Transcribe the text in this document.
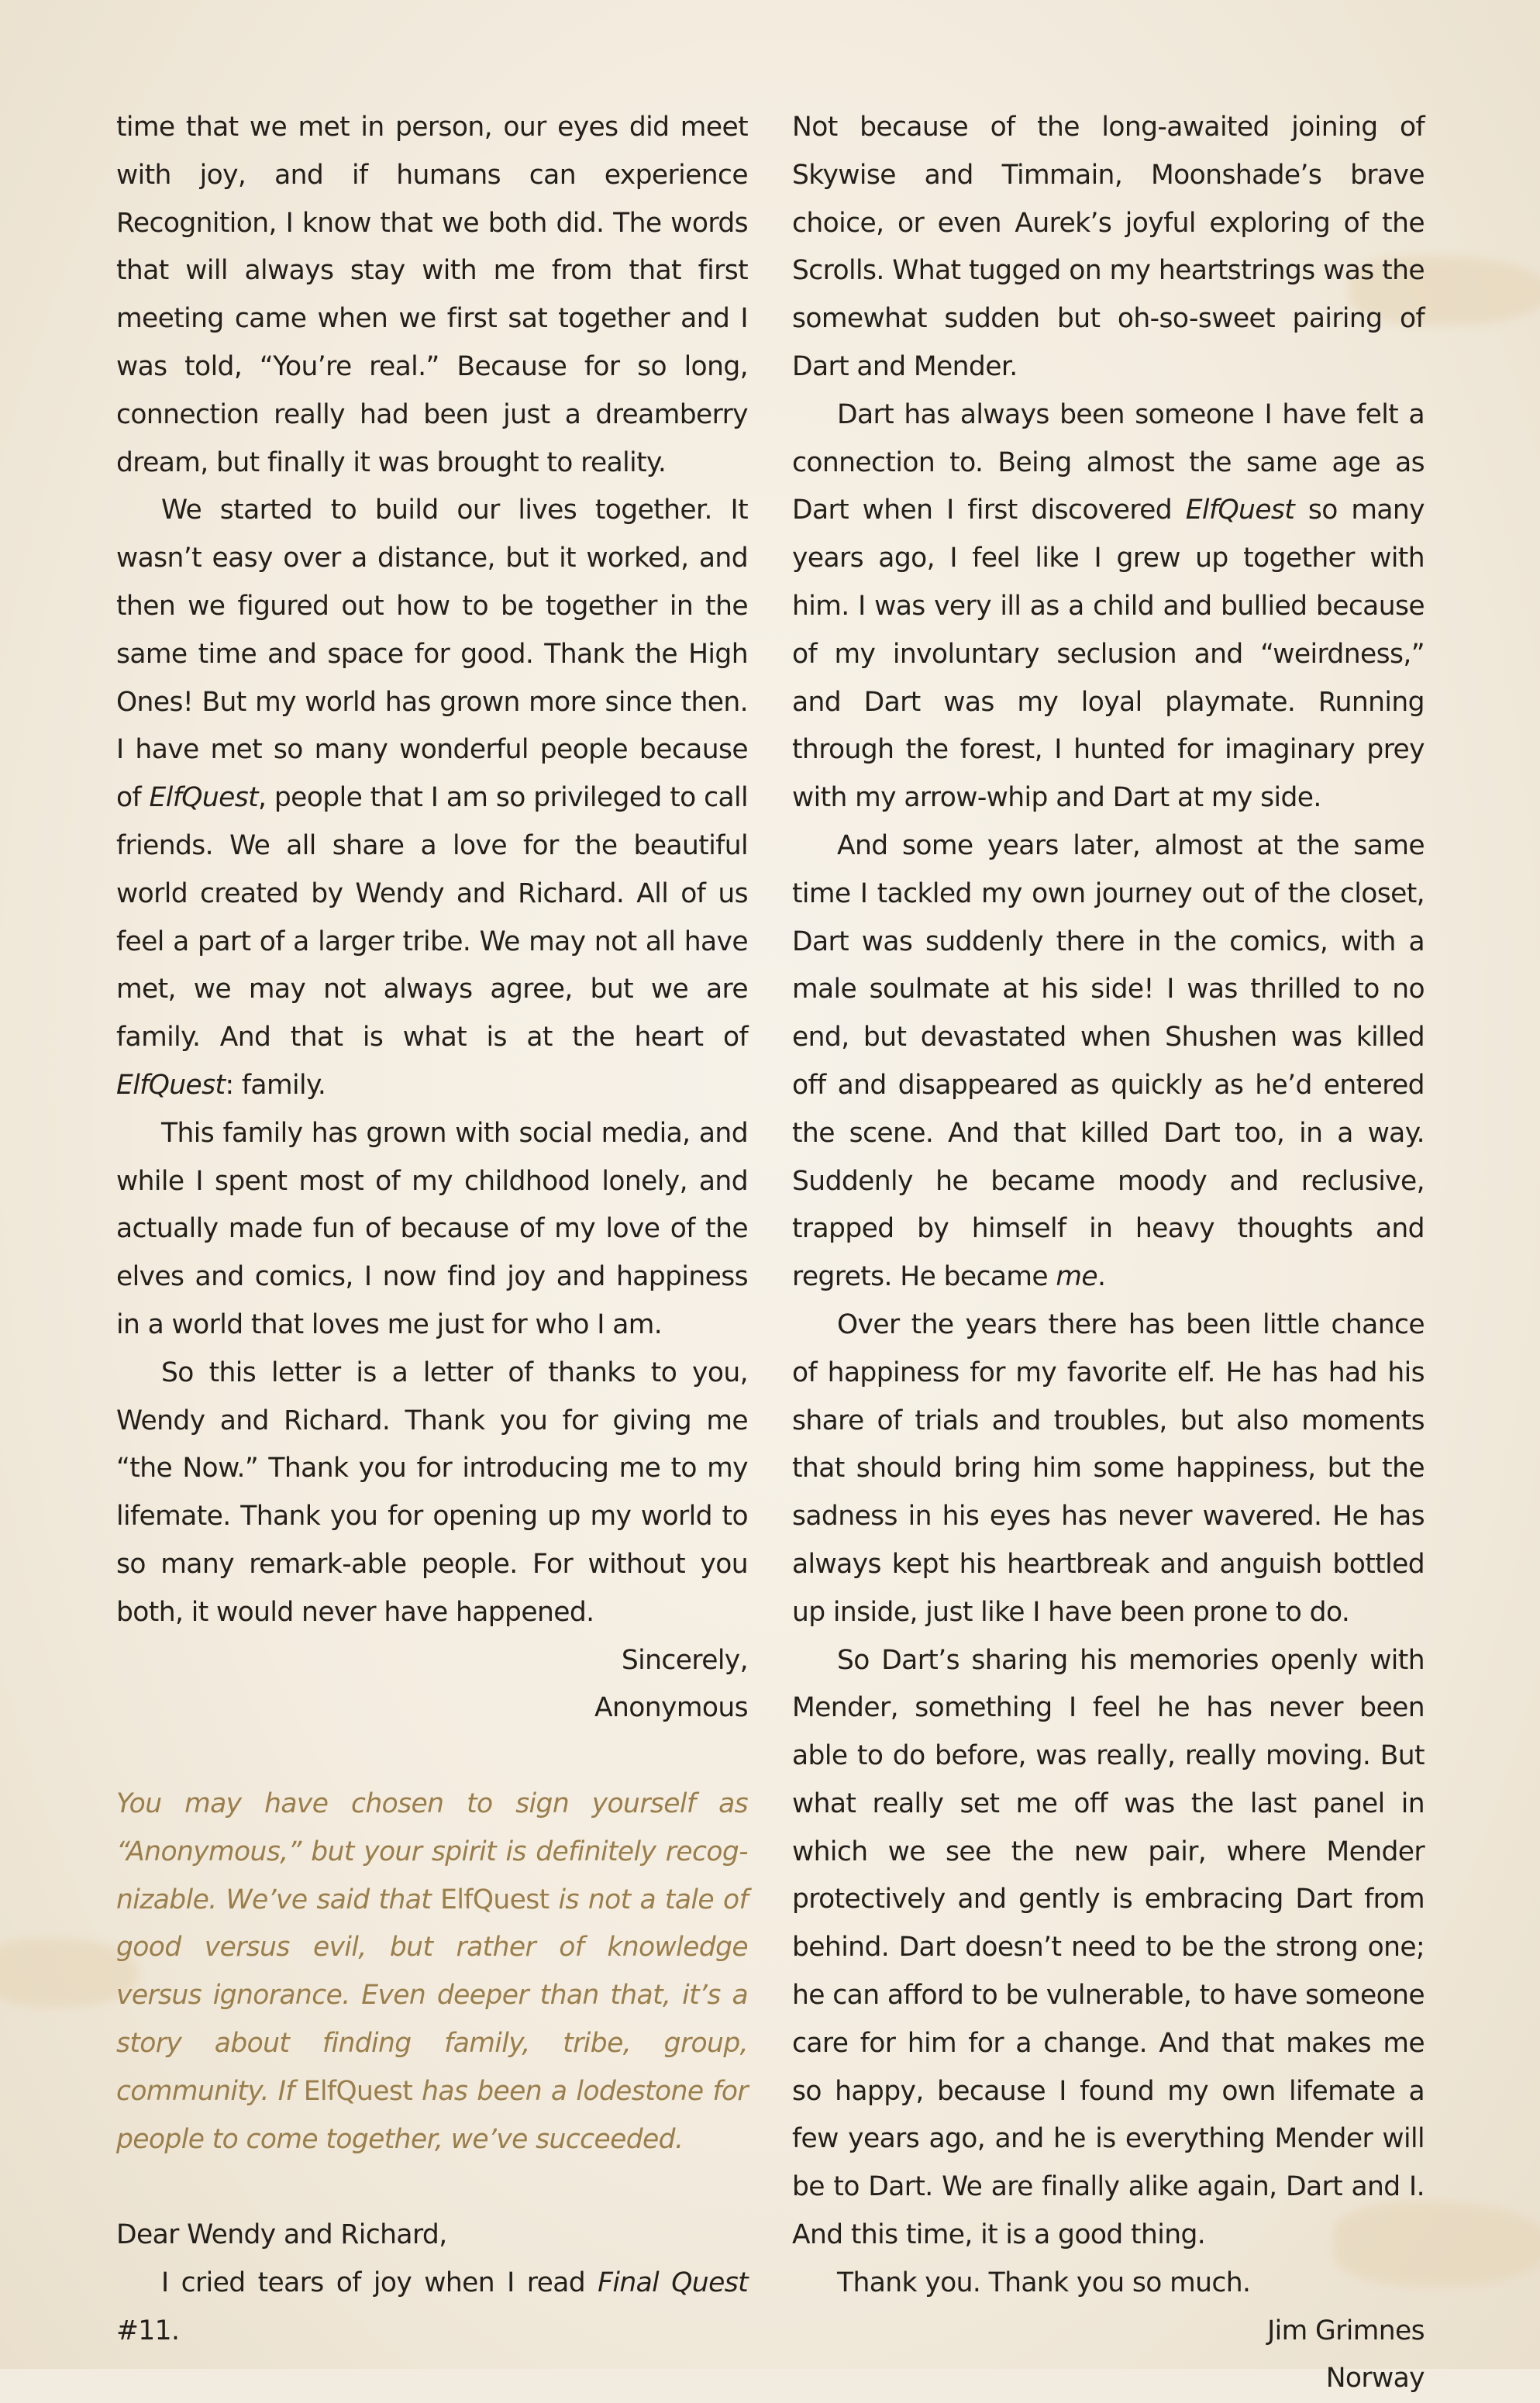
time that we met in person, our eyes did meet with joy, and if humans can experience Recognition, I know that we both did. The words that will always stay with me from that first meeting came when we first sat together and I was told, “You’re real.” Because for so long, connection really had been just a dreamberry dream, but finally it was brought to reality.

We started to build our lives together. It wasn’t easy over a distance, but it worked, and then we figured out how to be together in the same time and space for good. Thank the High Ones! But my world has grown more since then. I have met so many wonderful people because of ElfQuest, people that I am so privileged to call friends. We all share a love for the beautiful world created by Wendy and Richard. All of us feel a part of a larger tribe. We may not all have met, we may not always agree, but we are family. And that is what is at the heart of ElfQuest: family.

This family has grown with social media, and while I spent most of my childhood lonely, and actually made fun of because of my love of the elves and comics, I now find joy and happiness in a world that loves me just for who I am.

So this letter is a letter of thanks to you, Wendy and Richard. Thank you for giving me “the Now.” Thank you for introducing me to my lifemate. Thank you for opening up my world to so many remark-able people. For without you both, it would never have happened.

Sincerely,

Anonymous

You may have chosen to sign yourself as “Anonymous,” but your spirit is definitely recog-nizable. We’ve said that ElfQuest is not a tale of good versus evil, but rather of knowledge versus ignorance. Even deeper than that, it’s a story about finding family, tribe, group, community. If ElfQuest has been a lodestone for people to come together, we’ve succeeded.

Dear Wendy and Richard,

I cried tears of joy when I read Final Quest #11.

Not because of the long-awaited joining of Skywise and Timmain, Moonshade’s brave choice, or even Aurek’s joyful exploring of the Scrolls. What tugged on my heartstrings was the somewhat sudden but oh-so-sweet pairing of Dart and Mender.

Dart has always been someone I have felt a connection to. Being almost the same age as Dart when I first discovered ElfQuest so many years ago, I feel like I grew up together with him. I was very ill as a child and bullied because of my involuntary seclusion and “weirdness,” and Dart was my loyal playmate. Running through the forest, I hunted for imaginary prey with my arrow-whip and Dart at my side.

And some years later, almost at the same time I tackled my own journey out of the closet, Dart was suddenly there in the comics, with a male soulmate at his side! I was thrilled to no end, but devastated when Shushen was killed off and disappeared as quickly as he’d entered the scene. And that killed Dart too, in a way. Suddenly he became moody and reclusive, trapped by himself in heavy thoughts and regrets. He became me.

Over the years there has been little chance of happiness for my favorite elf. He has had his share of trials and troubles, but also moments that should bring him some happiness, but the sadness in his eyes has never wavered. He has always kept his heartbreak and anguish bottled up inside, just like I have been prone to do.

So Dart’s sharing his memories openly with Mender, something I feel he has never been able to do before, was really, really moving. But what really set me off was the last panel in which we see the new pair, where Mender protectively and gently is embracing Dart from behind. Dart doesn’t need to be the strong one; he can afford to be vulnerable, to have someone care for him for a change. And that makes me so happy, because I found my own lifemate a few years ago, and he is everything Mender will be to Dart. We are finally alike again, Dart and I. And this time, it is a good thing.

Thank you. Thank you so much.

Jim Grimnes

Norway
